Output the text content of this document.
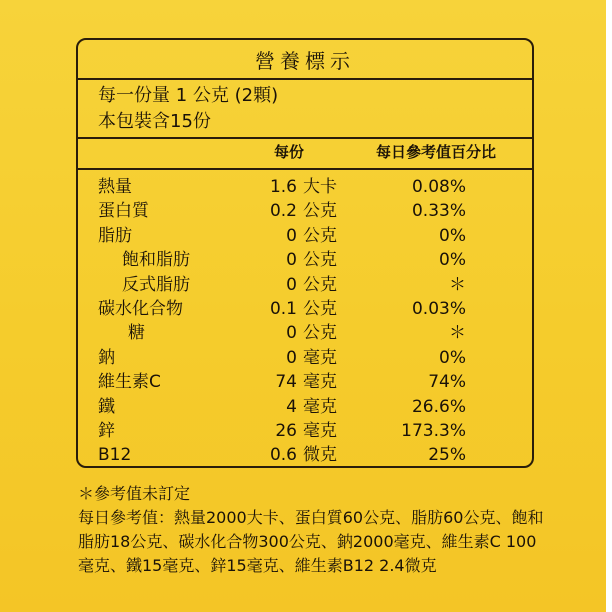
營養標示
每一份量 1 公克 (2顆)
本包裝含15份
每份	每日參考值百分比
熱量	1.6 大卡	0.08%
蛋白質	0.2 公克	0.33%
脂肪	0 公克	0%
飽和脂肪	0 公克	0%
反式脂肪	0 公克	＊
碳水化合物	0.1 公克	0.03%
糖	0 公克	＊
鈉	0 毫克	0%
維生素C	74 毫克	74%
鐵	4 毫克	26.6%
鋅	26 毫克	173.3%
B12	0.6 微克	25%
＊參考值未訂定
每日參考值：熱量2000大卡、蛋白質60公克、脂肪60公克、飽和脂肪18公克、碳水化合物300公克、鈉2000毫克、維生素C 100毫克、鐵15毫克、鋅15毫克、維生素B12 2.4微克
